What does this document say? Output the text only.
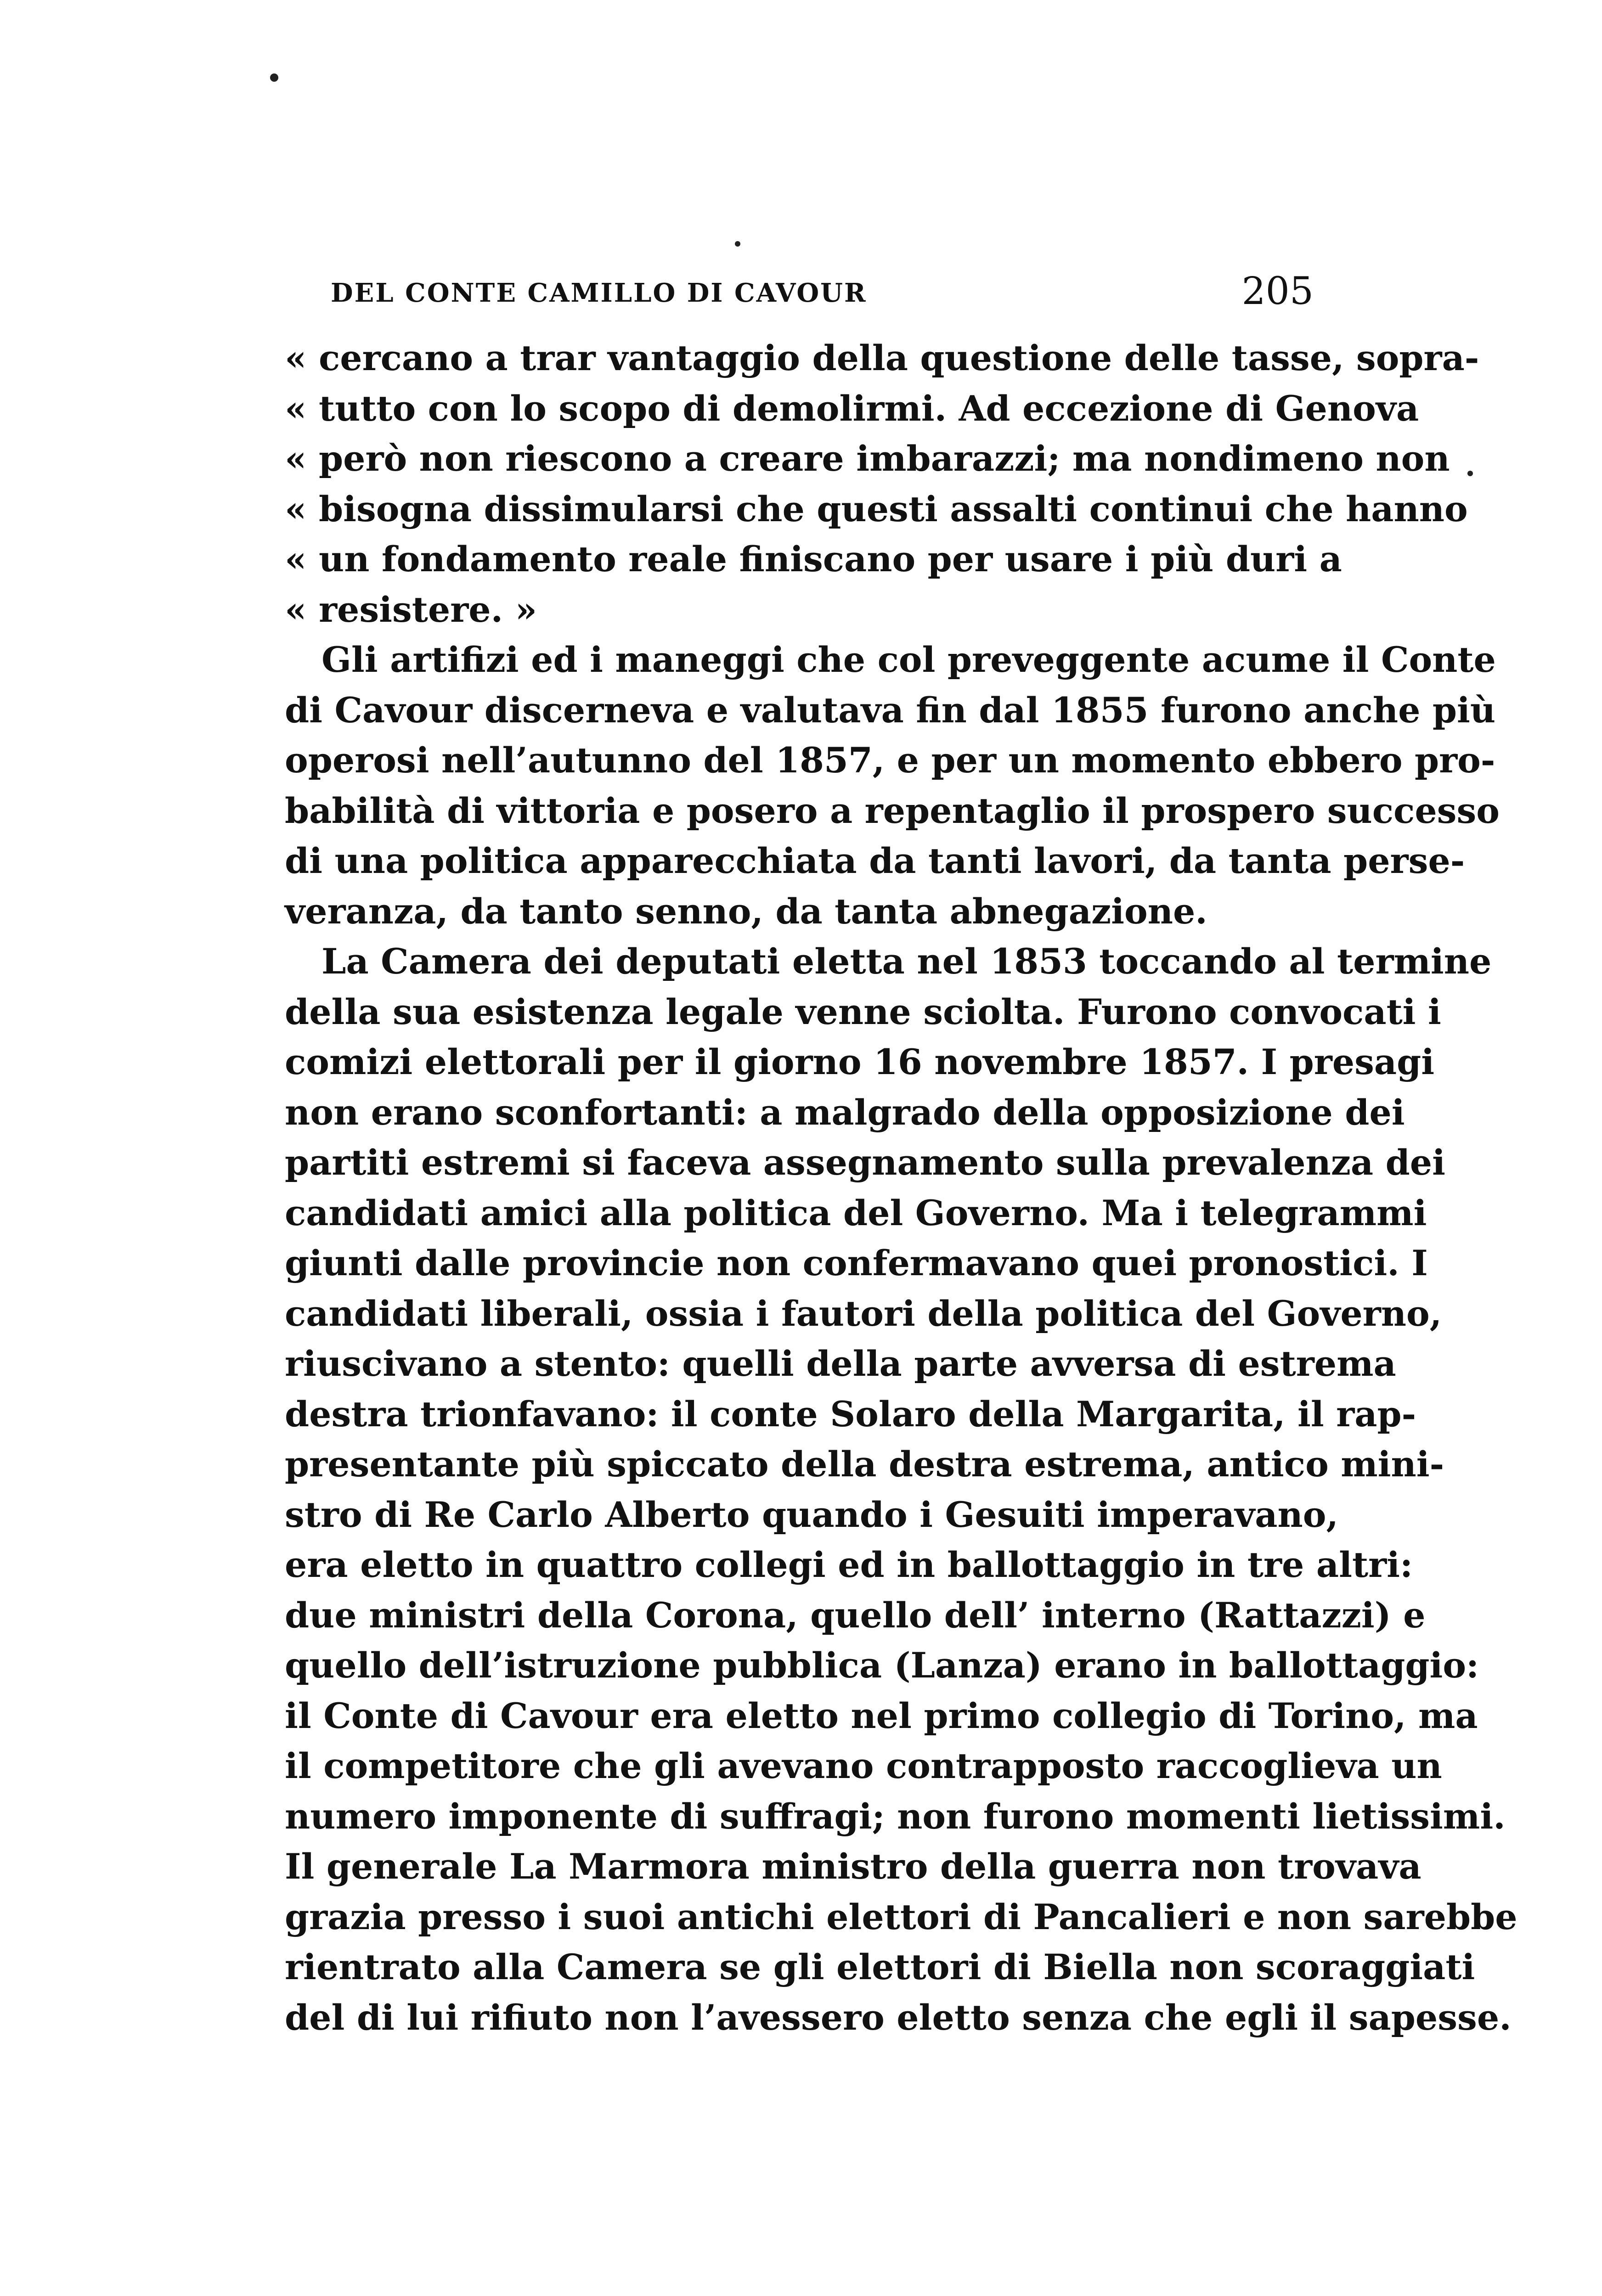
DEL CONTE CAMILLO DI CAVOUR	205
« cercano a trar vantaggio della questione delle tasse, sopra-
« tutto con lo scopo di demolirmi. Ad eccezione di Genova
« però non riescono a creare imbarazzi; ma nondimeno non
« bisogna dissimularsi che questi assalti continui che hanno
« un fondamento reale finiscano per usare i più duri a
« resistere. »
Gli artifizi ed i maneggi che col preveggente acume il Conte
di Cavour discerneva e valutava fin dal 1855 furono anche più
operosi nell’autunno del 1857, e per un momento ebbero pro-
babilità di vittoria e posero a repentaglio il prospero successo
di una politica apparecchiata da tanti lavori, da tanta perse-
veranza, da tanto senno, da tanta abnegazione.
La Camera dei deputati eletta nel 1853 toccando al termine
della sua esistenza legale venne sciolta. Furono convocati i
comizi elettorali per il giorno 16 novembre 1857. I presagi
non erano sconfortanti: a malgrado della opposizione dei
partiti estremi si faceva assegnamento sulla prevalenza dei
candidati amici alla politica del Governo. Ma i telegrammi
giunti dalle provincie non confermavano quei pronostici. I
candidati liberali, ossia i fautori della politica del Governo,
riuscivano a stento: quelli della parte avversa di estrema
destra trionfavano: il conte Solaro della Margarita, il rap-
presentante più spiccato della destra estrema, antico mini-
stro di Re Carlo Alberto quando i Gesuiti imperavano,
era eletto in quattro collegi ed in ballottaggio in tre altri:
due ministri della Corona, quello dell’ interno (Rattazzi) e
quello dell’istruzione pubblica (Lanza) erano in ballottaggio:
il Conte di Cavour era eletto nel primo collegio di Torino, ma
il competitore che gli avevano contrapposto raccoglieva un
numero imponente di suffragi; non furono momenti lietissimi.
Il generale La Marmora ministro della guerra non trovava
grazia presso i suoi antichi elettori di Pancalieri e non sarebbe
rientrato alla Camera se gli elettori di Biella non scoraggiati
del di lui rifiuto non l’avessero eletto senza che egli il sapesse.
